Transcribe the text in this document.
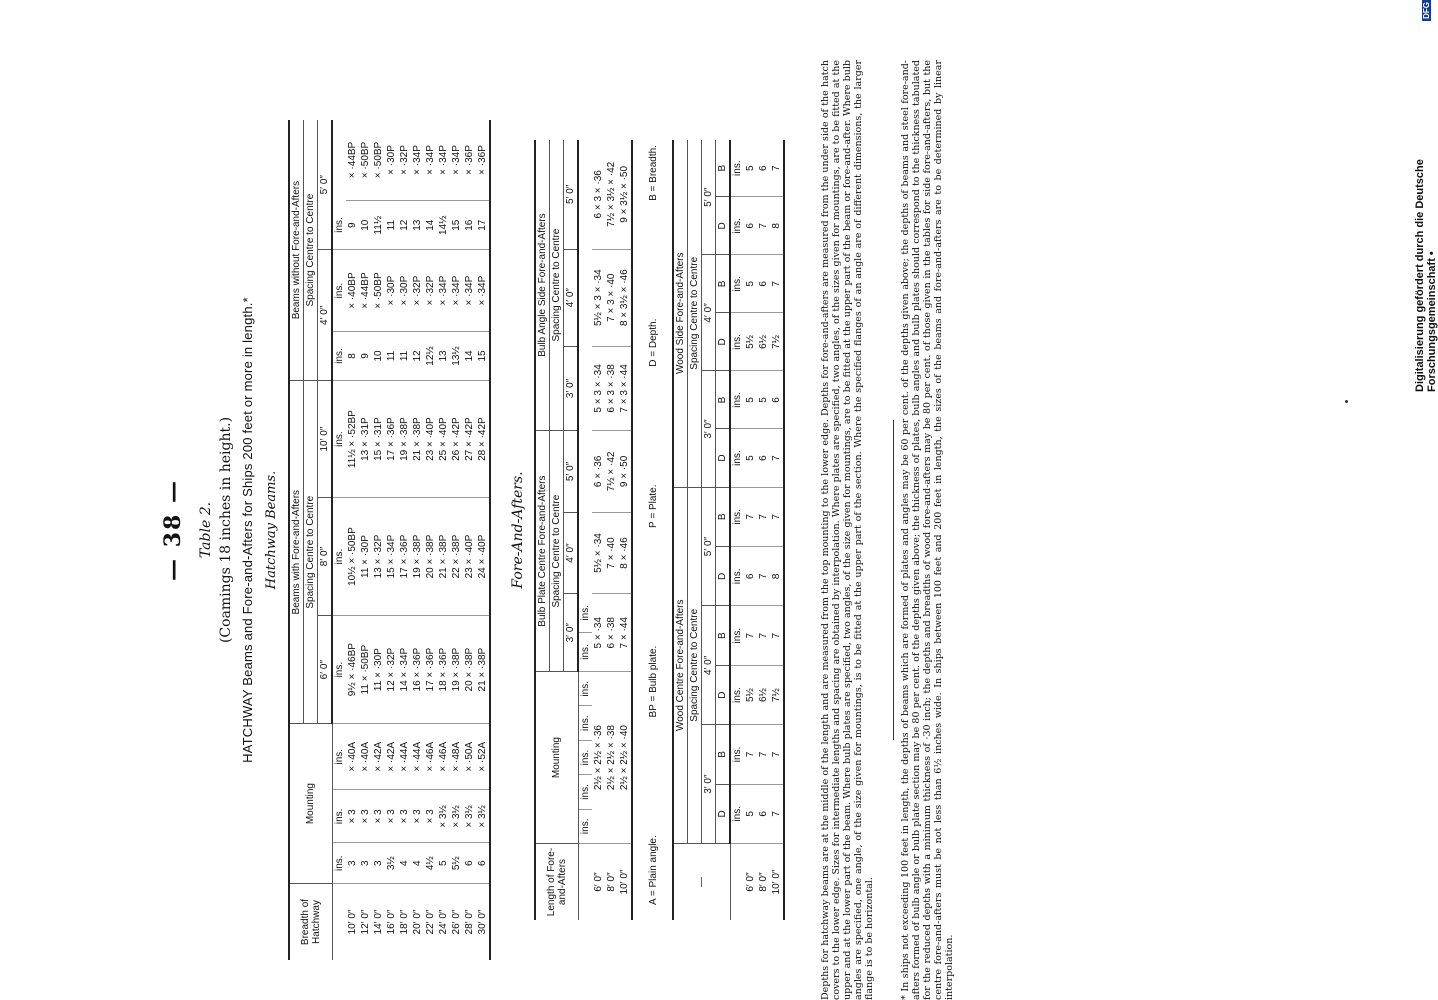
— 38 — Table 2. (Coamings 18 inches in height.) HATCHWAY Beams and Fore-and-Afters for Ships 200 feet or more in length.* Hatchway Beams.
Breadth of Hatchway	Mounting			Beams with Fore-and-Afters			Beams without Fore-and-Afters			
				Spacing Centre to Centre			Spacing Centre to Centre			
				6′ 0″	8′ 0″	10′ 0″	4′ 0″		5′ 0″	
	ins.	ins.	ins.	ins.	ins.	ins.	ins.	ins.	ins.	
10′ 0″	3	× 3	× ·40A	9½ × ·46BP	10½ × ·50BP	11½ × ·52BP	8	× ·40BP	9	× ·44BP
12′ 0″	3	× 3	× ·40A	11 × ·50BP	11 × ·30P	13 × ·31P	9	× ·44BP	10	× ·50BP
14′ 0″	3	× 3	× ·42A	11 × ·30P	13 × ·32P	15 × ·31P	10	× ·50BP	11½	× ·50BP
16′ 0″	3½	× 3	× ·42A	12 × ·32P	15 × ·34P	17 × ·36P	11	× ·30P	11	× ·30P
18′ 0″	4	× 3	× ·44A	14 × ·34P	17 × ·36P	19 × ·38P	11	× ·30P	12	× ·32P
20′ 0″	4	× 3	× ·44A	16 × ·36P	19 × ·38P	21 × ·38P	12	× ·32P	13	× ·34P
22′ 0″	4½	× 3	× ·46A	17 × ·36P	20 × ·38P	23 × ·40P	12½	× ·32P	14	× ·34P
24′ 0″	5	× 3½	× ·46A	18 × ·36P	21 × ·38P	25 × ·40P	13	× ·34P	14½	× ·34P
26′ 0″	5½	× 3½	× ·48A	19 × ·38P	22 × ·38P	26 × ·42P	13½	× ·34P	15	× ·34P
28′ 0″	6	× 3½	× ·50A	20 × ·38P	23 × ·40P	27 × ·42P	14	× ·34P	16	× ·36P
30′ 0″	6	× 3½	× ·52A	21 × ·38P	24 × ·40P	28 × ·42P	15	× ·34P	17	× ·36P
Fore-And-Afters.
Length of Fore-and-Afters	Mounting					Bulb Plate Centre Fore-and-Afters				Bulb Angle Side Fore-and-Afters		
						Spacing Centre to Centre				Spacing Centre to Centre		
						3′ 0″		4′ 0″	5′ 0″	3′ 0″	4′ 0″	5′ 0″
	ins.	ins.	ins.	ins.	ins.	ins.	ins.					
6′ 0″	2½ × 2½ × ·36					5 × ·34		5½ × ·34	6 × ·36	5 × 3 × ·34	5½ × 3 × ·34	6 × 3 × ·36
8′ 0″	2½ × 2½ × ·38					6 × ·38		7 × ·40	7½ × ·42	6 × 3 × ·38	7 × 3 × ·40	7½ × 3½ × ·42
10′ 0″	2½ × 2½ × ·40					7 × ·44		8 × ·46	9 × ·50	7 × 3 × ·44	8 × 3½ × ·46	9 × 3½ × ·50
A = Plain angle.
BP = Bulb plate.
P = Plate.
D = Depth.
B = Breadth.
—	Wood Centre Fore-and-Afters						Wood Side Fore-and-Afters					
	Spacing Centre to Centre						Spacing Centre to Centre					
	3′ 0″		4′ 0″		5′ 0″		3′ 0″		4′ 0″		5′ 0″	
	D	B	D	B	D	B	D	B	D	B	D	B
	ins.	ins.	ins.	ins.	ins.	ins.	ins.	ins.	ins.	ins.	ins.	ins.
6′ 0″	5	7	5½	7	6	7	5	5	5½	5	6	5
8′ 0″	6	7	6½	7	7	7	6	5	6½	6	7	6
10′ 0″	7	7	7½	7	8	7	7	6	7½	7	8	7	Depths for hatchway beams are at the middle of the length and are measured from the top mounting to the lower edge. Depths for fore-and-afters are measured from the under side of the hatch covers to the lower edge. Sizes for intermediate lengths and spacing are obtained by interpolation. Where plates are specified, two angles, of the sizes given for mountings, are to be fitted at the upper and at the lower part of the beam. Where bulb plates are specified, two angles, of the size given for mountings, are to be fitted at the upper part of the beam or fore-and-after. Where bulb angles are specified, one angle, of the size given for mountings, is to be fitted at the upper part of the section. Where the specified flanges of an angle are of different dimensions, the larger flange is to be horizontal.	* In ships not exceeding 100 feet in length, the depths of beams which are formed of plates and angles may be 60 per cent. of the depths given above; the depths of beams and steel fore-and-afters formed of bulb angle or bulb plate section may be 80 per cent. of the depths given above; the thickness of plates, bulb angles and bulb plates should correspond to the thickness tabulated for the reduced depths with a minimum thickness of ·30 inch; the depths and breadths of wood fore-and-afters may be 80 per cent. of those given in the tables for side fore-and-afters, but the centre fore-and-afters must be not less than 6½ inches wide. In ships between 100 feet and 200 feet in length, the sizes of the beams and fore-and-afters are to be determined by linear interpolation.
Digitalisierung gefördert durch die Deutsche Forschungsgemeinschaft •
DFG
